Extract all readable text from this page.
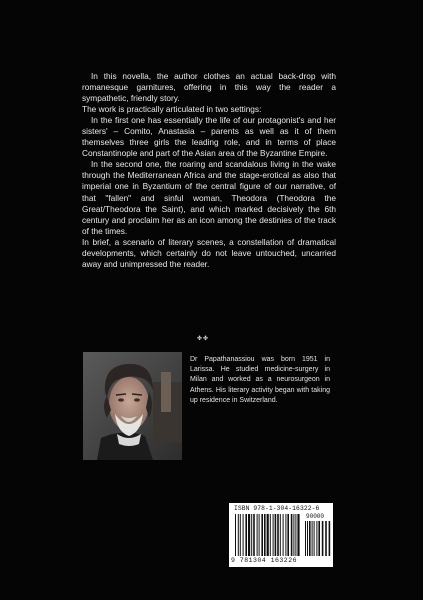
In this novella, the author clothes an actual back-drop with romanesque garnitures, offering in this way the reader a sympathetic, friendly story.

The work is practically articulated in two settings:

In the first one has essentially the life of our protagonist's and her sisters' – Comito, Anastasia – parents as well as it of them themselves three girls the leading role, and in terms of place Constantinople and part of the Asian area of the Byzantine Empire.

In the second one, the roaring and scandalous living in the wake through the Mediterranean Africa and the stage-erotical as also that imperial one in Byzantium of the central figure of our narrative, of that "fallen" and sinful woman, Theodora (Theodora the Great/Theodora the Saint), and which marked decisively the 6th century and proclaim her as an icon among the destinies of the track of the times.

In brief, a scenario of literary scenes, a constellation of dramatical developments, which certainly do not leave untouched, uncarried away and unimpressed the reader.

✤✤
Dr Papathanassiou was born 1951 in Larissa. He studied medicine-surgery in Milan and worked as a neurosurgeon in Athens. His literary activity began with taking up residence in Switzerland.
ISBN 978-1-304-16322-6
9 781304 163226
90000
